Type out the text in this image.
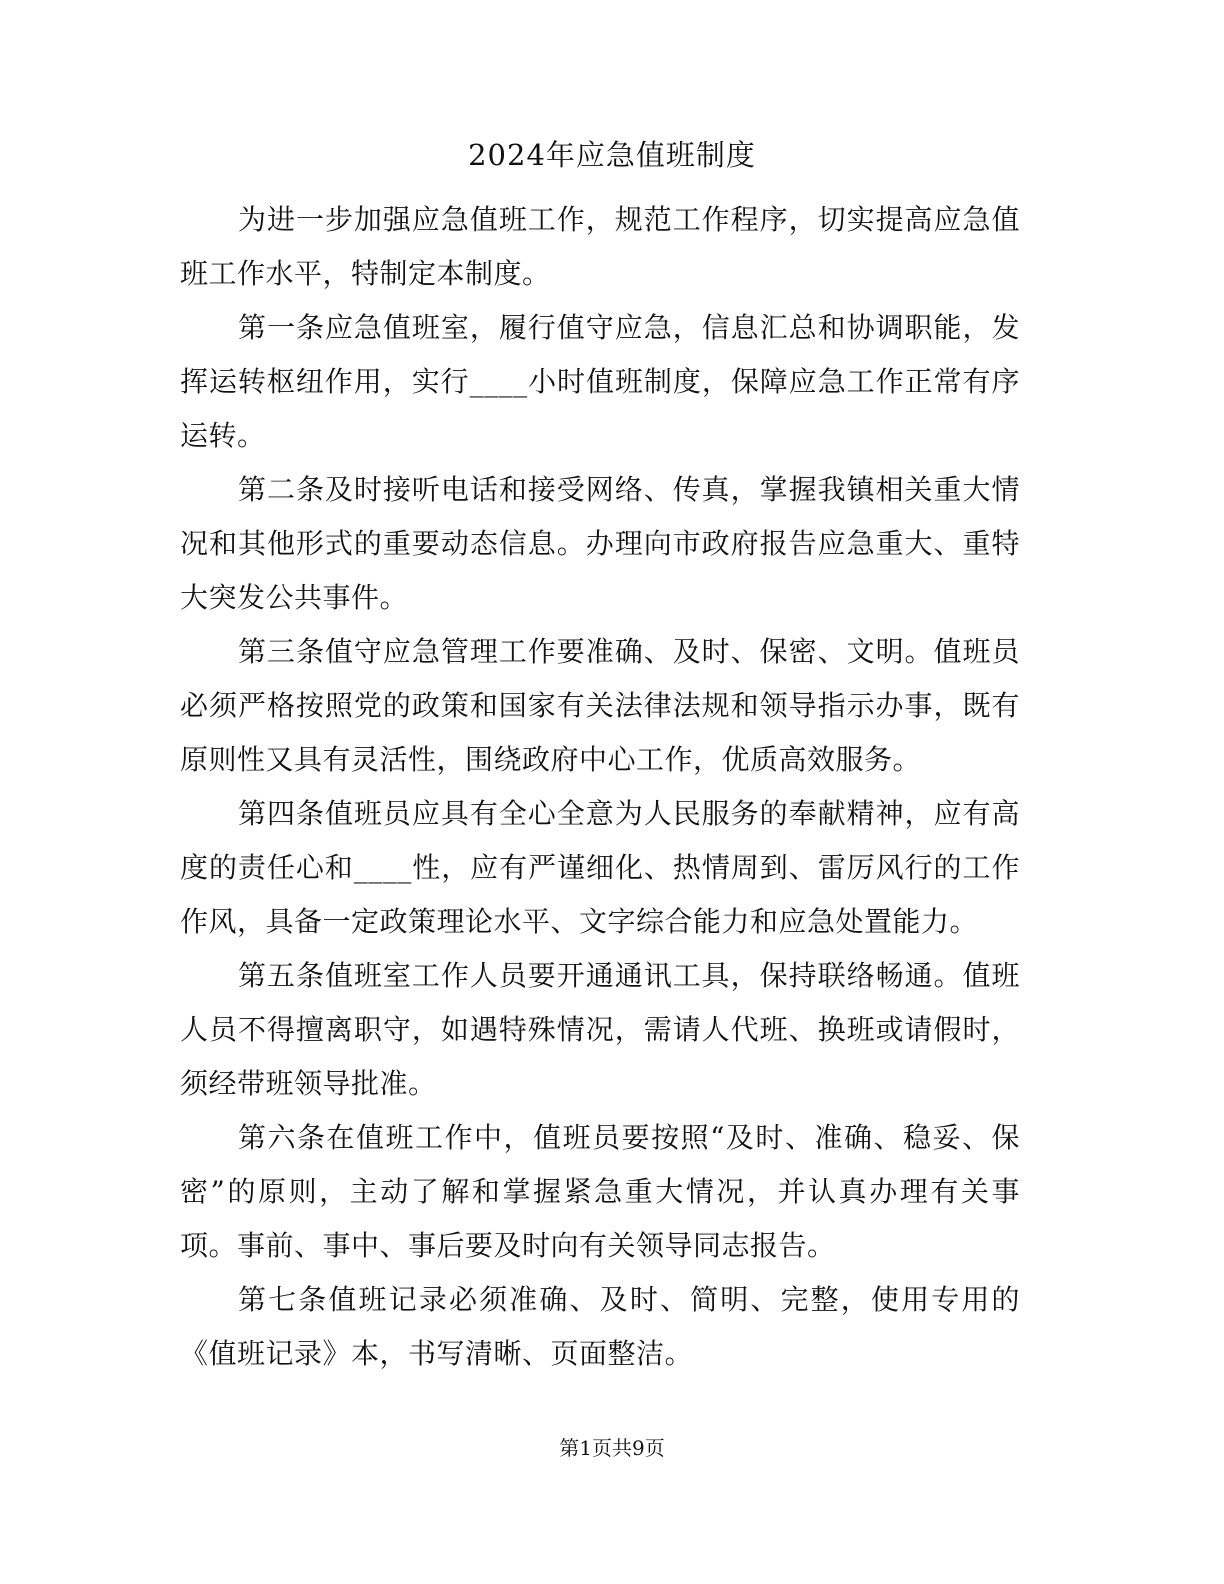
2024年应急值班制度

为进一步加强应急值班工作，规范工作程序，切实提高应急值班工作水平，特制定本制度。

第一条应急值班室，履行值守应急，信息汇总和协调职能，发挥运转枢纽作用，实行____小时值班制度，保障应急工作正常有序运转。

第二条及时接听电话和接受网络、传真，掌握我镇相关重大情况和其他形式的重要动态信息。办理向市政府报告应急重大、重特大突发公共事件。

第三条值守应急管理工作要准确、及时、保密、文明。值班员必须严格按照党的政策和国家有关法律法规和领导指示办事，既有原则性又具有灵活性，围绕政府中心工作，优质高效服务。

第四条值班员应具有全心全意为人民服务的奉献精神，应有高度的责任心和____性，应有严谨细化、热情周到、雷厉风行的工作作风，具备一定政策理论水平、文字综合能力和应急处置能力。

第五条值班室工作人员要开通通讯工具，保持联络畅通。值班人员不得擅离职守，如遇特殊情况，需请人代班、换班或请假时，须经带班领导批准。

第六条在值班工作中，值班员要按照“及时、准确、稳妥、保密”的原则，主动了解和掌握紧急重大情况，并认真办理有关事项。事前、事中、事后要及时向有关领导同志报告。

第七条值班记录必须准确、及时、简明、完整，使用专用的《值班记录》本，书写清晰、页面整洁。

第1页共9页
